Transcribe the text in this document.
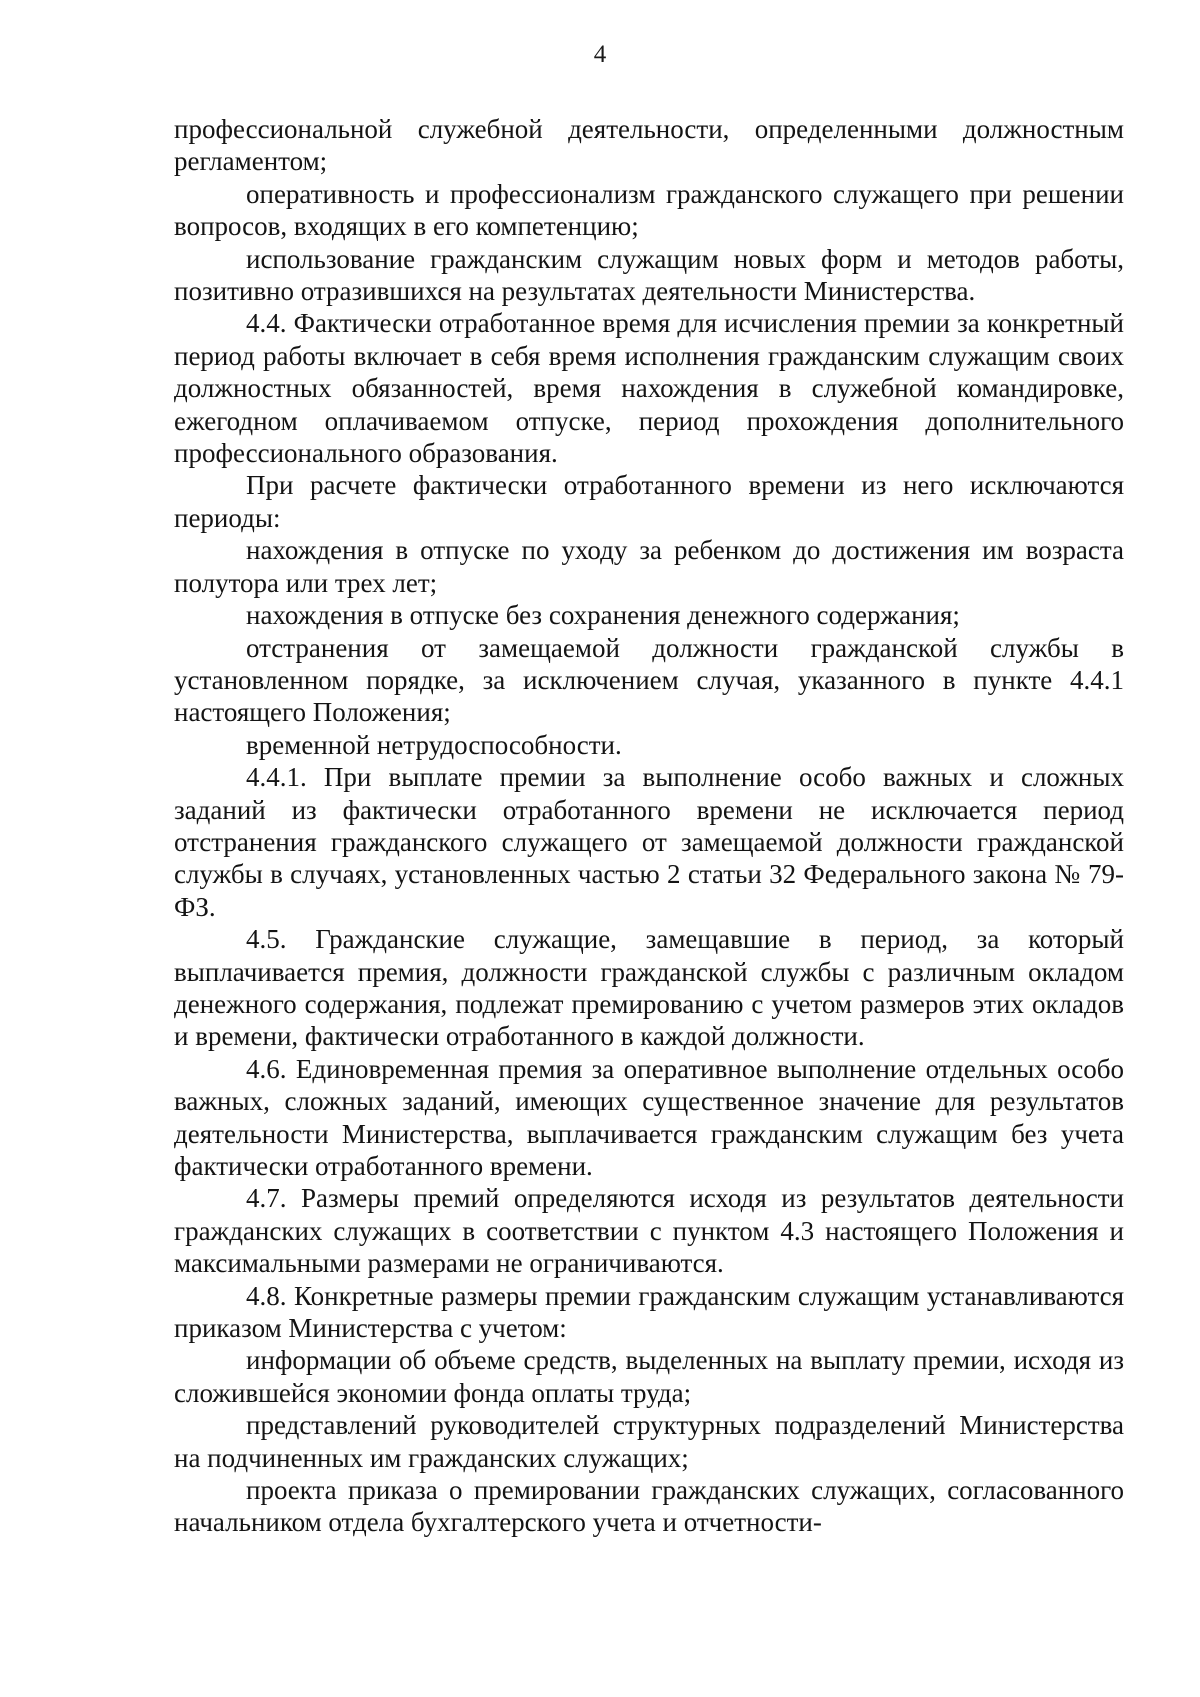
4

профессиональной служебной деятельности, определенными должностным регламентом;

оперативность и профессионализм гражданского служащего при решении вопросов, входящих в его компетенцию;

использование гражданским служащим новых форм и методов работы, позитивно отразившихся на результатах деятельности Министерства.

4.4. Фактически отработанное время для исчисления премии за конкретный период работы включает в себя время исполнения гражданским служащим своих должностных обязанностей, время нахождения в служебной командировке, ежегодном оплачиваемом отпуске, период прохождения дополнительного профессионального образования.

При расчете фактически отработанного времени из него исключаются периоды:

нахождения в отпуске по уходу за ребенком до достижения им возраста полутора или трех лет;

нахождения в отпуске без сохранения денежного содержания;

отстранения от замещаемой должности гражданской службы в установленном порядке, за исключением случая, указанного в пункте 4.4.1 настоящего Положения;

временной нетрудоспособности.

4.4.1. При выплате премии за выполнение особо важных и сложных заданий из фактически отработанного времени не исключается период отстранения гражданского служащего от замещаемой должности гражданской службы в случаях, установленных частью 2 статьи 32 Федерального закона № 79-ФЗ.

4.5. Гражданские служащие, замещавшие в период, за который выплачивается премия, должности гражданской службы с различным окладом денежного содержания, подлежат премированию с учетом размеров этих окладов и времени, фактически отработанного в каждой должности.

4.6. Единовременная премия за оперативное выполнение отдельных особо важных, сложных заданий, имеющих существенное значение для результатов деятельности Министерства, выплачивается гражданским служащим без учета фактически отработанного времени.

4.7. Размеры премий определяются исходя из результатов деятельности гражданских служащих в соответствии с пунктом 4.3 настоящего Положения и максимальными размерами не ограничиваются.

4.8. Конкретные размеры премии гражданским служащим устанавливаются приказом Министерства с учетом:

информации об объеме средств, выделенных на выплату премии, исходя из сложившейся экономии фонда оплаты труда;

представлений руководителей структурных подразделений Министерства на подчиненных им гражданских служащих;

проекта приказа о премировании гражданских служащих, согласованного начальником отдела бухгалтерского учета и отчетности-
